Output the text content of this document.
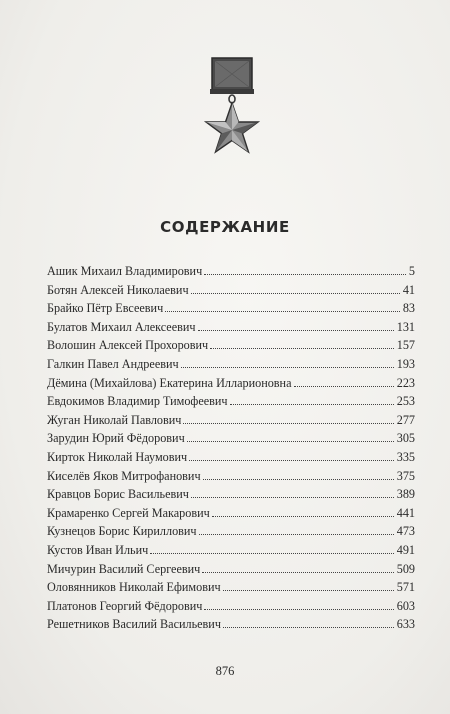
СОДЕРЖАНИЕ
Ашик Михаил Владимирович	5
Ботян Алексей Николаевич	41
Брайко Пётр Евсеевич	83
Булатов Михаил Алексеевич	131
Волошин Алексей Прохорович	157
Галкин Павел Андреевич	193
Дёмина (Михайлова) Екатерина Илларионовна	223
Евдокимов Владимир Тимофеевич	253
Жуган Николай Павлович	277
Зарудин Юрий Фёдорович	305
Кирток Николай Наумович	335
Киселёв Яков Митрофанович	375
Кравцов Борис Васильевич	389
Крамаренко Сергей Макарович	441
Кузнецов Борис Кириллович	473
Кустов Иван Ильич	491
Мичурин Василий Сергеевич	509
Оловянников Николай Ефимович	571
Платонов Георгий Фёдорович	603
Решетников Василий Васильевич	633
876
